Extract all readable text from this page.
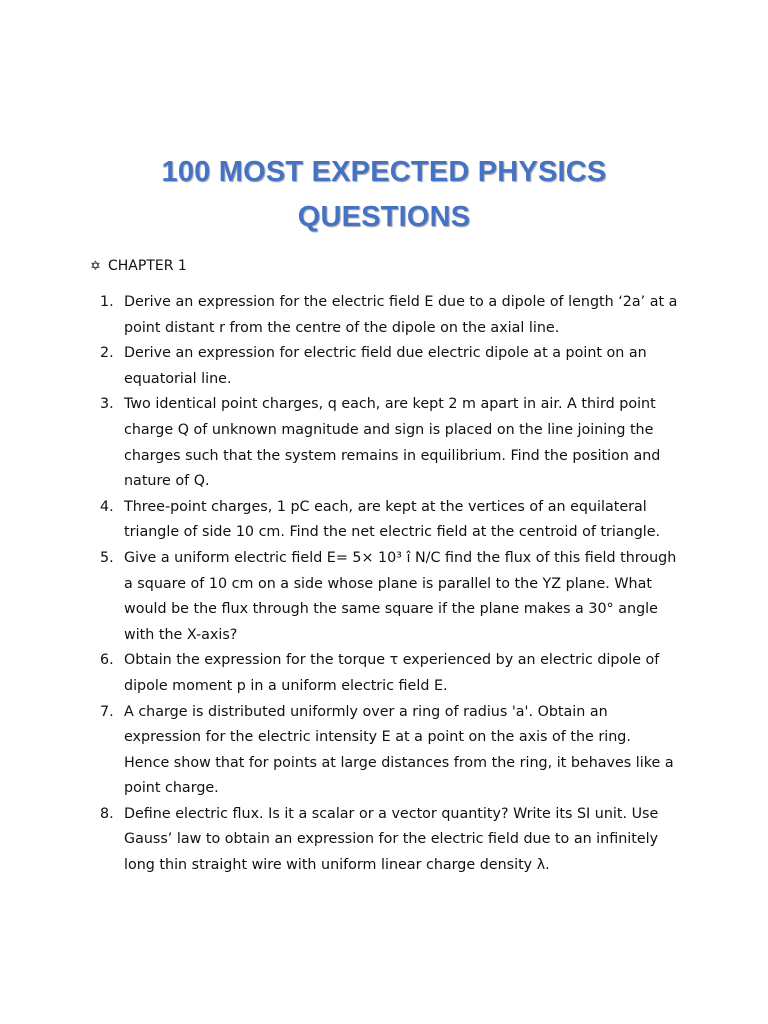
100 MOST EXPECTED PHYSICS
QUESTIONS
✡ CHAPTER 1
1. Derive an expression for the electric field E due to a dipole of length ‘2a’ at a point distant r from the centre of the dipole on the axial line.
2. Derive an expression for electric field due electric dipole at a point on an equatorial line.
3. Two identical point charges, q each, are kept 2 m apart in air. A third point charge Q of unknown magnitude and sign is placed on the line joining the charges such that the system remains in equilibrium. Find the position and nature of Q.
4. Three-point charges, 1 pC each, are kept at the vertices of an equilateral triangle of side 10 cm. Find the net electric field at the centroid of triangle.
5. Give a uniform electric field E= 5× 10³ î N/C find the flux of this field through a square of 10 cm on a side whose plane is parallel to the YZ plane. What would be the flux through the same square if the plane makes a 30° angle with the X-axis?
6. Obtain the expression for the torque τ experienced by an electric dipole of dipole moment p in a uniform electric field E.
7. A charge is distributed uniformly over a ring of radius 'a'. Obtain an expression for the electric intensity E at a point on the axis of the ring. Hence show that for points at large distances from the ring, it behaves like a point charge.
8. Define electric flux. Is it a scalar or a vector quantity? Write its SI unit. Use Gauss’ law to obtain an expression for the electric field due to an infinitely long thin straight wire with uniform linear charge density λ.
